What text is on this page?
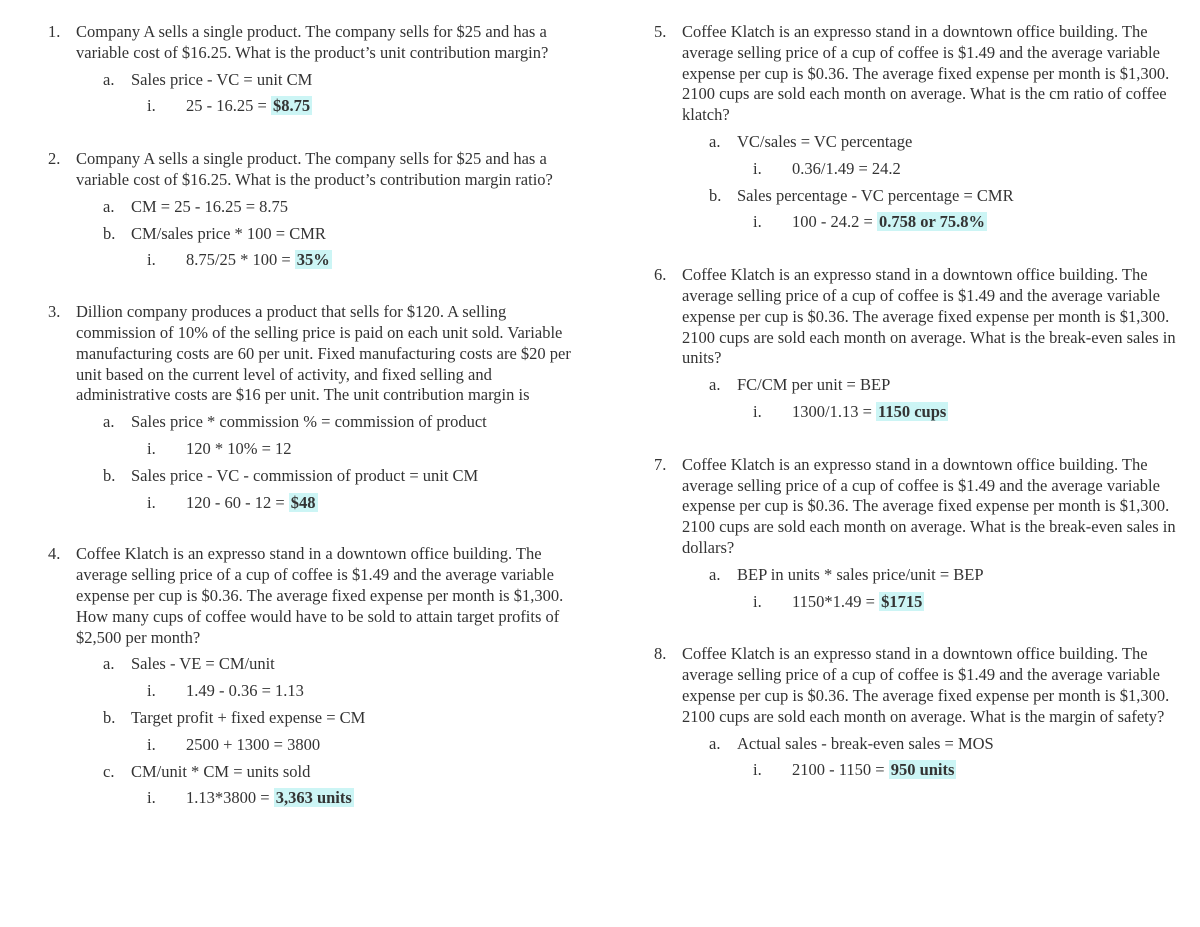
1. Company A sells a single product. The company sells for $25 and has a variable cost of $16.25. What is the product’s unit contribution margin?

a. Sales price - VC = unit CM
i. 25 - 16.25 = $8.75

2. Company A sells a single product. The company sells for $25 and has a variable cost of $16.25. What is the product’s contribution margin ratio?

a. CM = 25 - 16.25 = 8.75
b. CM/sales price * 100 = CMR
i. 8.75/25 * 100 = 35%

3. Dillion company produces a product that sells for $120. A selling commission of 10% of the selling price is paid on each unit sold. Variable manufacturing costs are 60 per unit. Fixed manufacturing costs are $20 per unit based on the current level of activity, and fixed selling and administrative costs are $16 per unit. The unit contribution margin is

a. Sales price * commission % = commission of product
i. 120 * 10% = 12
b. Sales price - VC - commission of product = unit CM
i. 120 - 60 - 12 = $48

4. Coffee Klatch is an expresso stand in a downtown office building. The average selling price of a cup of coffee is $1.49 and the average variable expense per cup is $0.36. The average fixed expense per month is $1,300. How many cups of coffee would have to be sold to attain target profits of $2,500 per month?

a. Sales - VE = CM/unit
i. 1.49 - 0.36 = 1.13
b. Target profit + fixed expense = CM
i. 2500 + 1300 = 3800
c. CM/unit * CM = units sold
i. 1.13*3800 = 3,363 units

5. Coffee Klatch is an expresso stand in a downtown office building. The average selling price of a cup of coffee is $1.49 and the average variable expense per cup is $0.36. The average fixed expense per month is $1,300. 2100 cups are sold each month on average. What is the cm ratio of coffee klatch?

a. VC/sales = VC percentage
i. 0.36/1.49 = 24.2
b. Sales percentage - VC percentage = CMR
i. 100 - 24.2 = 0.758 or 75.8%

6. Coffee Klatch is an expresso stand in a downtown office building. The average selling price of a cup of coffee is $1.49 and the average variable expense per cup is $0.36. The average fixed expense per month is $1,300. 2100 cups are sold each month on average. What is the break-even sales in units?

a. FC/CM per unit = BEP
i. 1300/1.13 = 1150 cups

7. Coffee Klatch is an expresso stand in a downtown office building. The average selling price of a cup of coffee is $1.49 and the average variable expense per cup is $0.36. The average fixed expense per month is $1,300. 2100 cups are sold each month on average. What is the break-even sales in dollars?

a. BEP in units * sales price/unit = BEP
i. 1150*1.49 = $1715

8. Coffee Klatch is an expresso stand in a downtown office building. The average selling price of a cup of coffee is $1.49 and the average variable expense per cup is $0.36. The average fixed expense per month is $1,300. 2100 cups are sold each month on average. What is the margin of safety?

a. Actual sales - break-even sales = MOS
i. 2100 - 1150 = 950 units
